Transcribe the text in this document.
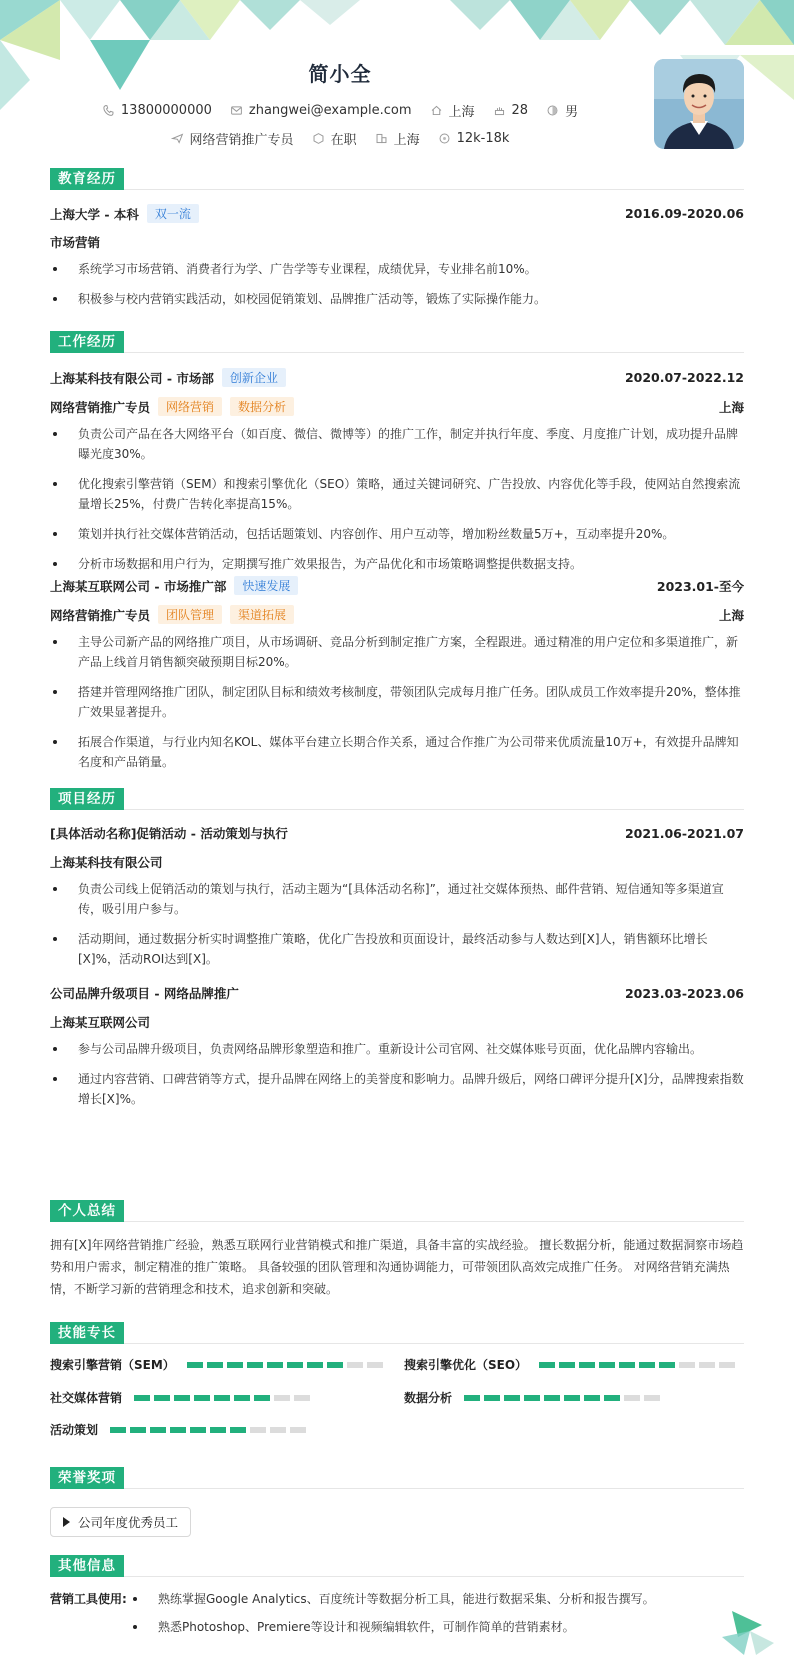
简小全
13800000000	zhangwei@example.com	上海	28	男
网络营销推广专员	在职	上海	12k-18k
教育经历
上海大学 - 本科	双一流	2016.09-2020.06
市场营销
系统学习市场营销、消费者行为学、广告学等专业课程，成绩优异，专业排名前10%。
积极参与校内营销实践活动，如校园促销策划、品牌推广活动等，锻炼了实际操作能力。
工作经历
上海某科技有限公司 - 市场部	创新企业	2020.07-2022.12
网络营销推广专员	网络营销	数据分析	上海
负责公司产品在各大网络平台（如百度、微信、微博等）的推广工作，制定并执行年度、季度、月度推广计划，成功提升品牌曝光度30%。
优化搜索引擎营销（SEM）和搜索引擎优化（SEO）策略，通过关键词研究、广告投放、内容优化等手段，使网站自然搜索流量增长25%，付费广告转化率提高15%。
策划并执行社交媒体营销活动，包括话题策划、内容创作、用户互动等，增加粉丝数量5万+，互动率提升20%。
分析市场数据和用户行为，定期撰写推广效果报告，为产品优化和市场策略调整提供数据支持。
上海某互联网公司 - 市场推广部	快速发展	2023.01-至今
网络营销推广专员	团队管理	渠道拓展	上海
主导公司新产品的网络推广项目，从市场调研、竞品分析到制定推广方案，全程跟进。通过精准的用户定位和多渠道推广，新产品上线首月销售额突破预期目标20%。
搭建并管理网络推广团队，制定团队目标和绩效考核制度，带领团队完成每月推广任务。团队成员工作效率提升20%，整体推广效果显著提升。
拓展合作渠道，与行业内知名KOL、媒体平台建立长期合作关系，通过合作推广为公司带来优质流量10万+，有效提升品牌知名度和产品销量。
项目经历
[具体活动名称]促销活动 - 活动策划与执行	2021.06-2021.07
上海某科技有限公司
负责公司线上促销活动的策划与执行，活动主题为“[具体活动名称]”，通过社交媒体预热、邮件营销、短信通知等多渠道宣传，吸引用户参与。
活动期间，通过数据分析实时调整推广策略，优化广告投放和页面设计，最终活动参与人数达到[X]人，销售额环比增长[X]%，活动ROI达到[X]。
公司品牌升级项目 - 网络品牌推广	2023.03-2023.06
上海某互联网公司
参与公司品牌升级项目，负责网络品牌形象塑造和推广。重新设计公司官网、社交媒体账号页面，优化品牌内容输出。
通过内容营销、口碑营销等方式，提升品牌在网络上的美誉度和影响力。品牌升级后，网络口碑评分提升[X]分，品牌搜索指数增长[X]%。
个人总结
拥有[X]年网络营销推广经验，熟悉互联网行业营销模式和推广渠道，具备丰富的实战经验。 擅长数据分析，能通过数据洞察市场趋势和用户需求，制定精准的推广策略。 具备较强的团队管理和沟通协调能力，可带领团队高效完成推广任务。 对网络营销充满热情，不断学习新的营销理念和技术，追求创新和突破。
技能专长
搜索引擎营销（SEM）	搜索引擎优化（SEO）
社交媒体营销	数据分析
活动策划
荣誉奖项
公司年度优秀员工
其他信息
营销工具使用:	熟练掌握Google Analytics、百度统计等数据分析工具，能进行数据采集、分析和报告撰写。
熟悉Photoshop、Premiere等设计和视频编辑软件，可制作简单的营销素材。
